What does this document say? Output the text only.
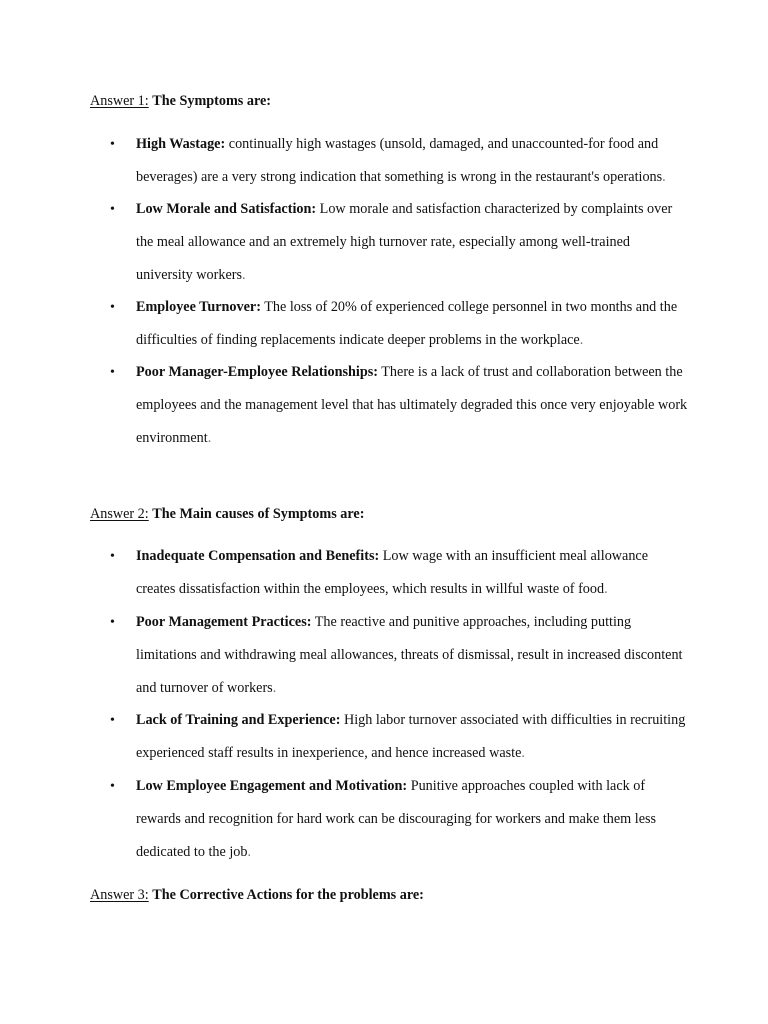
Answer 1: The Symptoms are:
• High Wastage: continually high wastages (unsold, damaged, and unaccounted-for food and beverages) are a very strong indication that something is wrong in the restaurant's operations.
• Low Morale and Satisfaction: Low morale and satisfaction characterized by complaints over the meal allowance and an extremely high turnover rate, especially among well-trained university workers.
• Employee Turnover: The loss of 20% of experienced college personnel in two months and the difficulties of finding replacements indicate deeper problems in the workplace.
• Poor Manager-Employee Relationships: There is a lack of trust and collaboration between the employees and the management level that has ultimately degraded this once very enjoyable work environment.
Answer 2: The Main causes of Symptoms are:
• Inadequate Compensation and Benefits: Low wage with an insufficient meal allowance creates dissatisfaction within the employees, which results in willful waste of food.
• Poor Management Practices: The reactive and punitive approaches, including putting limitations and withdrawing meal allowances, threats of dismissal, result in increased discontent and turnover of workers.
• Lack of Training and Experience: High labor turnover associated with difficulties in recruiting experienced staff results in inexperience, and hence increased waste.
• Low Employee Engagement and Motivation: Punitive approaches coupled with lack of rewards and recognition for hard work can be discouraging for workers and make them less dedicated to the job.
Answer 3: The Corrective Actions for the problems are:
